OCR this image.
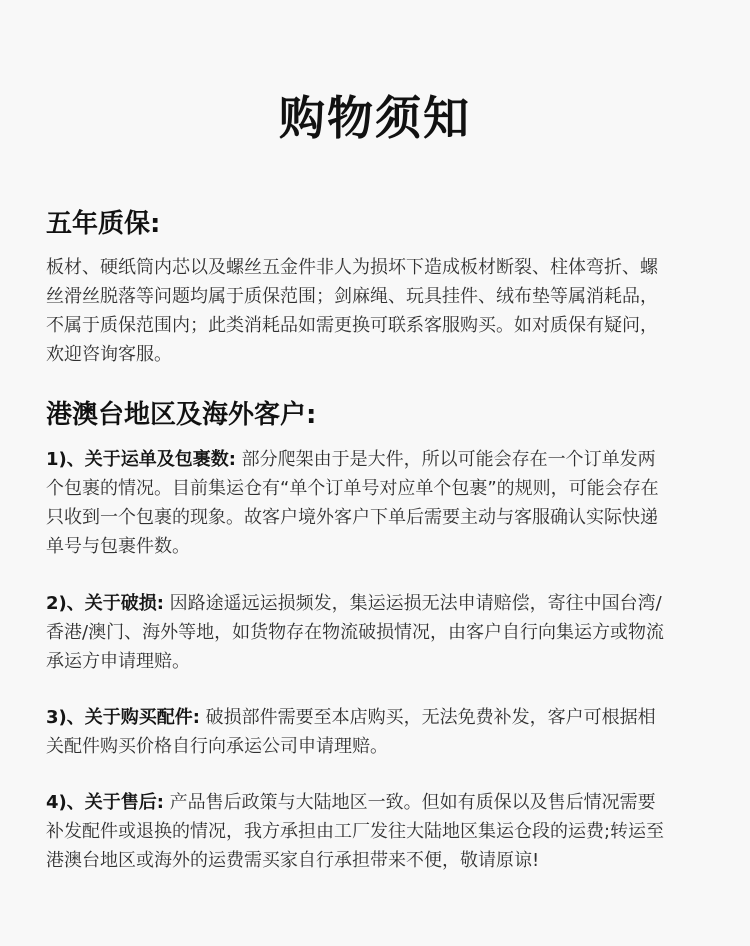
购物须知
五年质保:
板材、硬纸筒内芯以及螺丝五金件非人为损坏下造成板材断裂、柱体弯折、螺
丝滑丝脱落等问题均属于质保范围；剑麻绳、玩具挂件、绒布垫等属消耗品，
不属于质保范围内；此类消耗品如需更换可联系客服购买。如对质保有疑问，
欢迎咨询客服。
港澳台地区及海外客户:
1)、关于运单及包裹数: 部分爬架由于是大件，所以可能会存在一个订单发两
个包裹的情况。目前集运仓有“单个订单号对应单个包裹”的规则，可能会存在
只收到一个包裹的现象。故客户境外客户下单后需要主动与客服确认实际快递
单号与包裹件数。
2)、关于破损: 因路途遥远运损频发，集运运损无法申请赔偿，寄往中国台湾/
香港/澳门、海外等地，如货物存在物流破损情况，由客户自行向集运方或物流
承运方申请理赔。
3)、关于购买配件: 破损部件需要至本店购买，无法免费补发，客户可根据相
关配件购买价格自行向承运公司申请理赔。
4)、关于售后: 产品售后政策与大陆地区一致。但如有质保以及售后情况需要
补发配件或退换的情况，我方承担由工厂发往大陆地区集运仓段的运费;转运至
港澳台地区或海外的运费需买家自行承担带来不便，敬请原谅!
